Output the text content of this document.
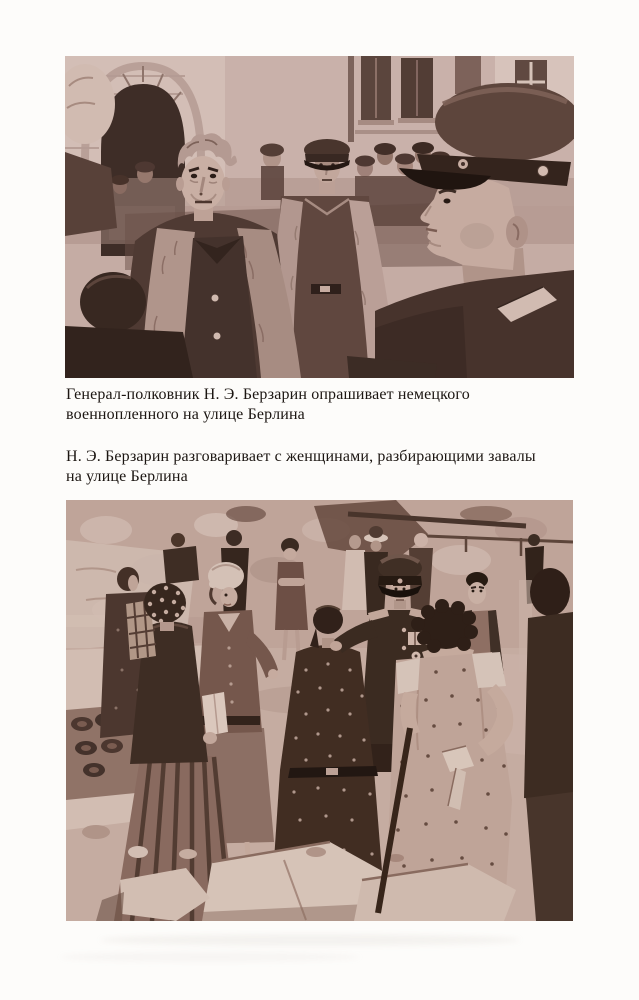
Генерал-полковник Н. Э. Берзарин опрашивает немецкого
военнопленного на улице Берлина
Н. Э. Берзарин разговаривает с женщинами, разбирающими завалы
на улице Берлина
